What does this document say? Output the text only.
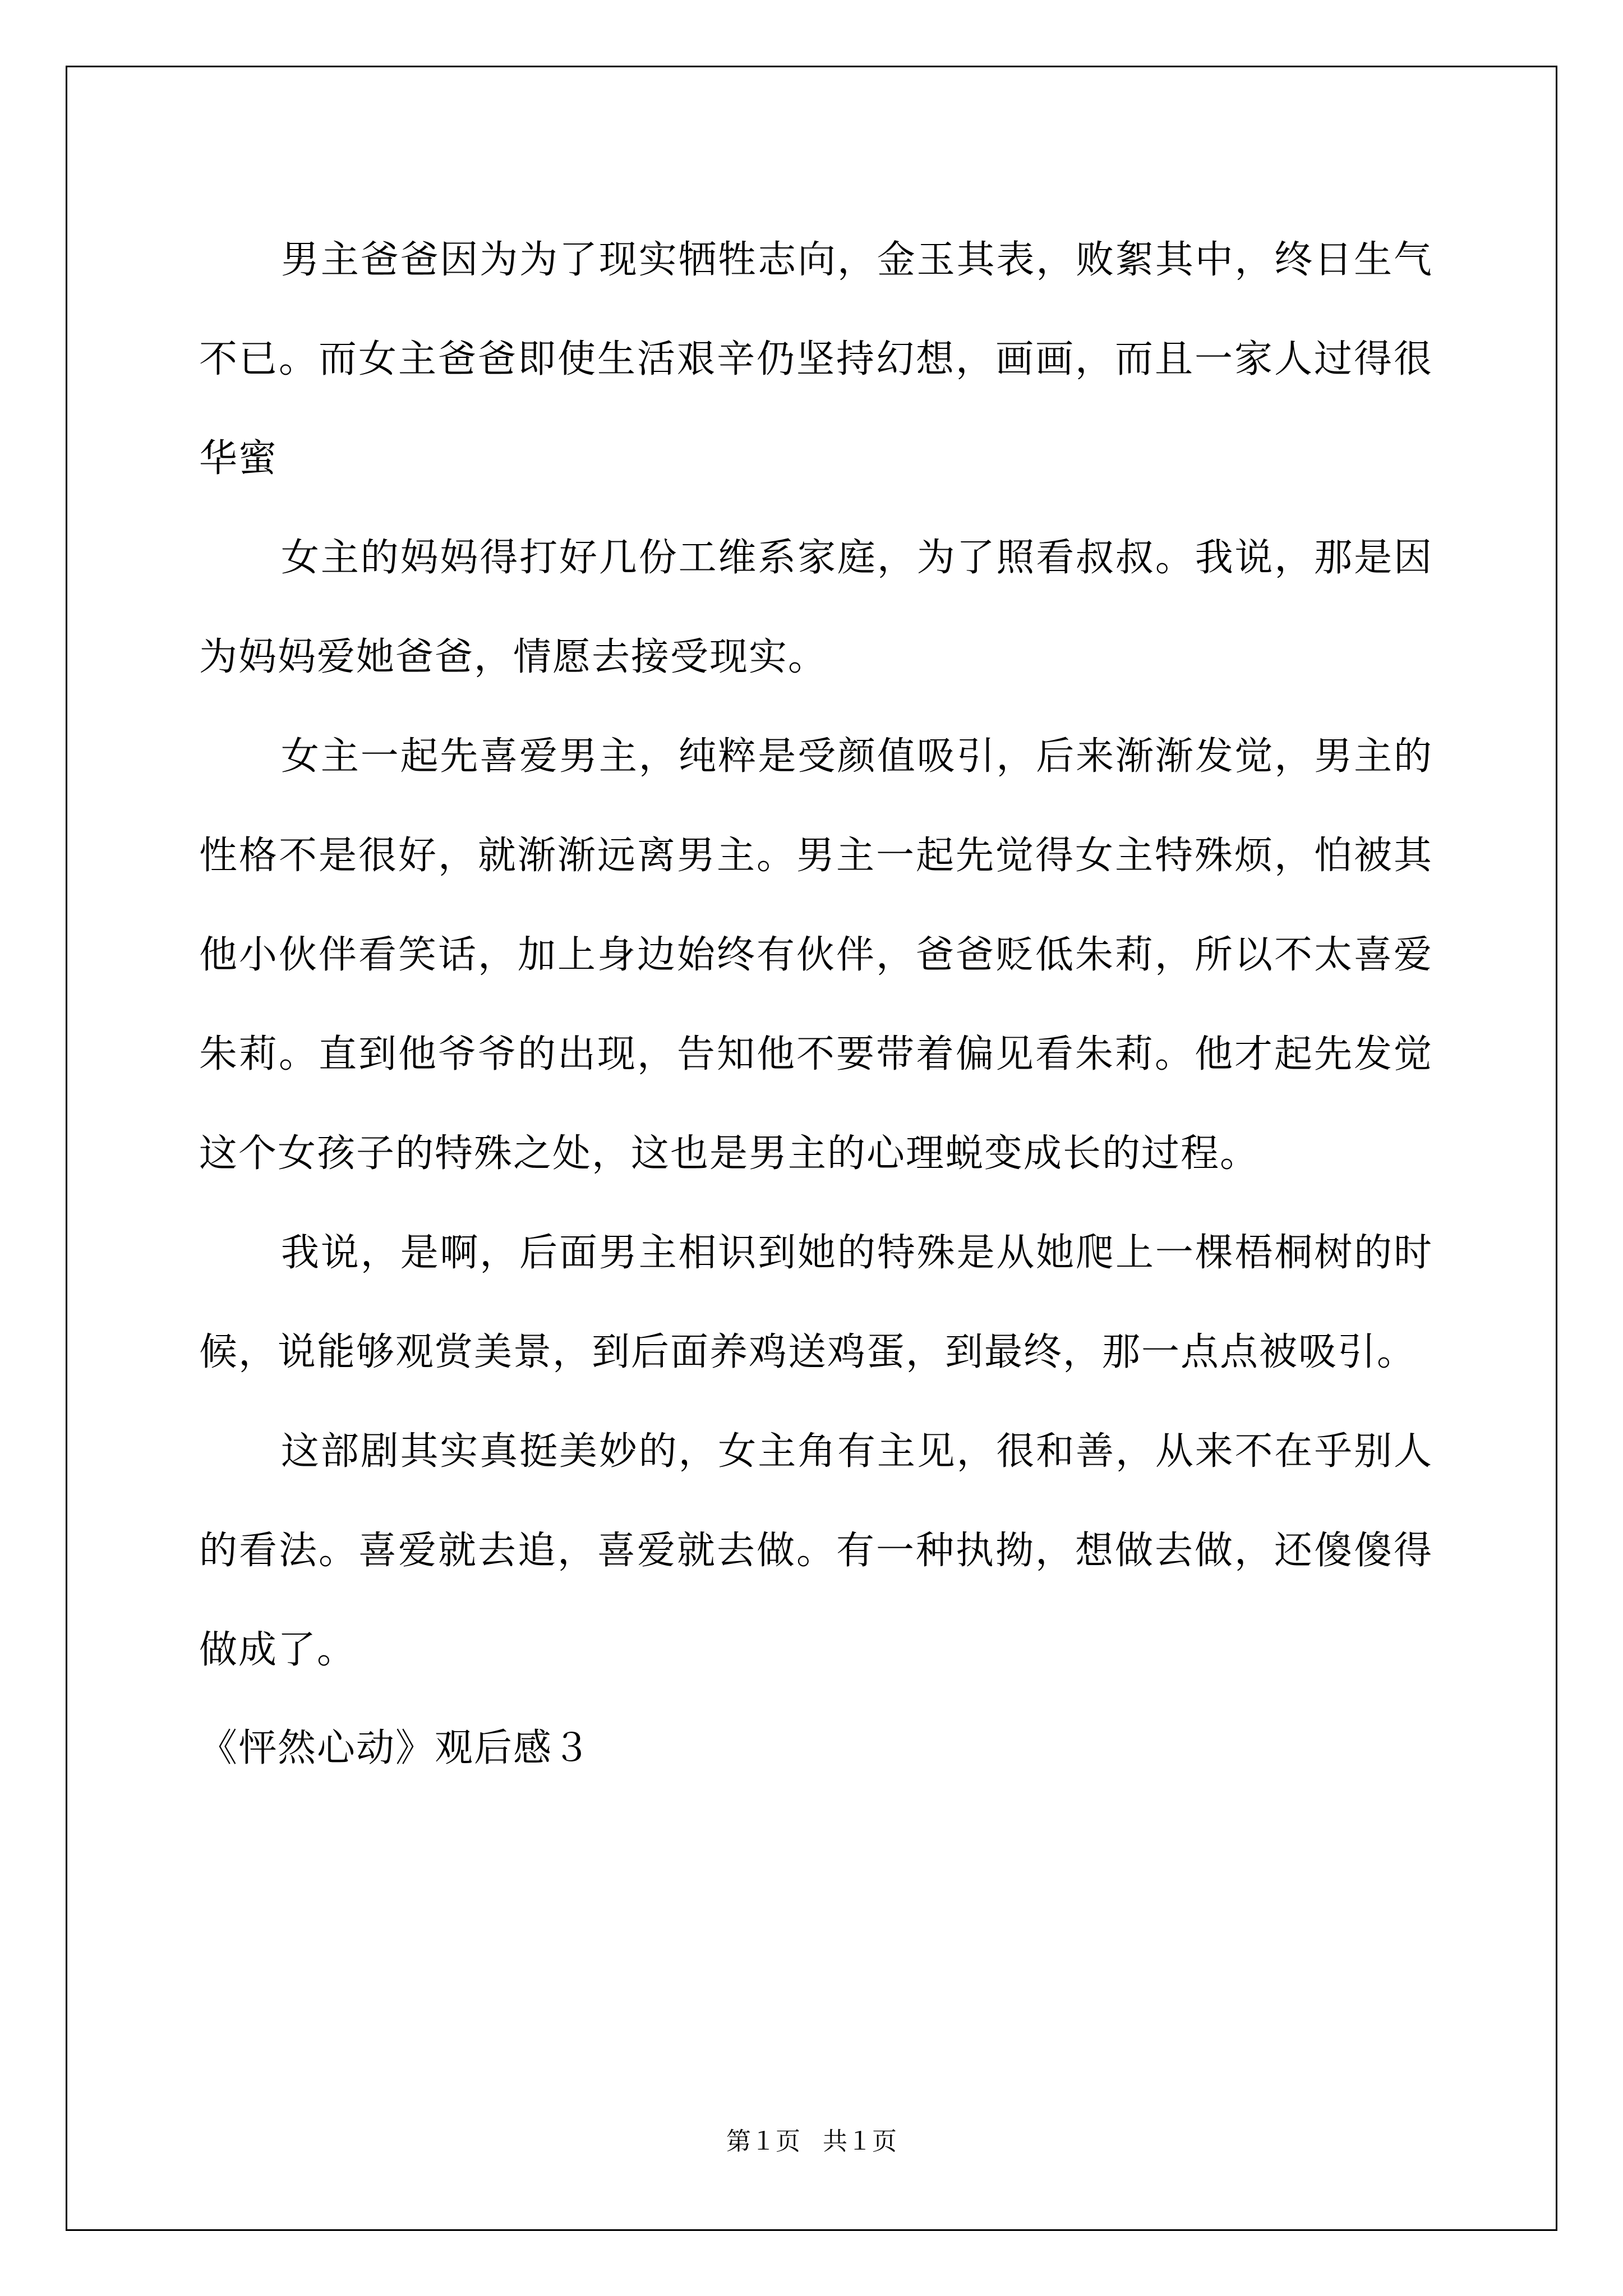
男主爸爸因为为了现实牺牲志向，金玉其表，败絮其中，终日生气不已。而女主爸爸即使生活艰辛仍坚持幻想，画画，而且一家人过得很华蜜

女主的妈妈得打好几份工维系家庭，为了照看叔叔。我说，那是因为妈妈爱她爸爸，情愿去接受现实。

女主一起先喜爱男主，纯粹是受颜值吸引，后来渐渐发觉，男主的性格不是很好，就渐渐远离男主。男主一起先觉得女主特殊烦，怕被其他小伙伴看笑话，加上身边始终有伙伴，爸爸贬低朱莉，所以不太喜爱朱莉。直到他爷爷的出现，告知他不要带着偏见看朱莉。他才起先发觉这个女孩子的特殊之处，这也是男主的心理蜕变成长的过程。

我说，是啊，后面男主相识到她的特殊是从她爬上一棵梧桐树的时候，说能够观赏美景，到后面养鸡送鸡蛋，到最终，那一点点被吸引。

这部剧其实真挺美妙的，女主角有主见，很和善，从来不在乎别人的看法。喜爱就去追，喜爱就去做。有一种执拗，想做去做，还傻傻得做成了。

《怦然心动》观后感３

第１页 共１页
